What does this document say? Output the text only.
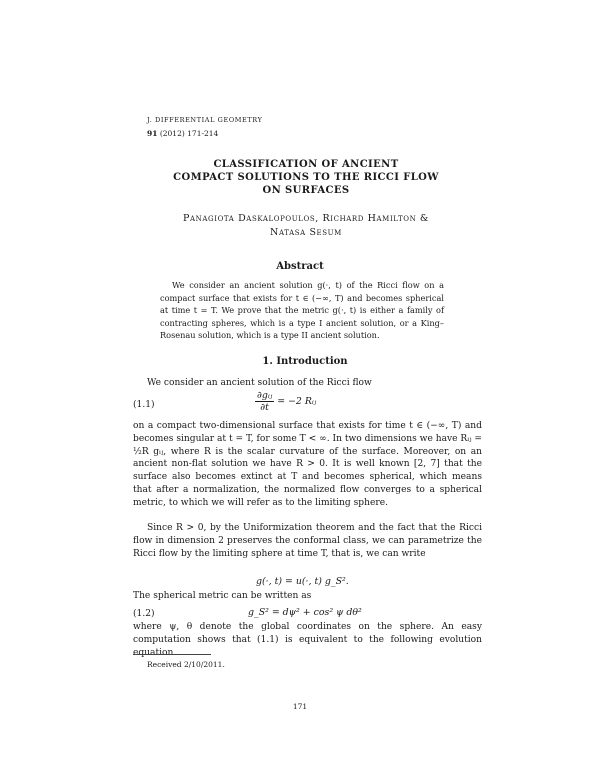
J. DIFFERENTIAL GEOMETRY
91 (2012) 171-214
CLASSIFICATION OF ANCIENT
COMPACT SOLUTIONS TO THE RICCI FLOW
ON SURFACES
Panagiota Daskalopoulos, Richard Hamilton &
Natasa Sesum
Abstract
We consider an ancient solution g(·, t) of the Ricci flow on a compact surface that exists for t ∈ (−∞, T) and becomes spherical at time t = T. We prove that the metric g(·, t) is either a family of contracting spheres, which is a type I ancient solution, or a King–Rosenau solution, which is a type II ancient solution.
1. Introduction
We consider an ancient solution of the Ricci flow
(1.1)	$\frac{\text{∂gᵢⱼ}}{\partial t} = -2$ Rᵢⱼ
on a compact two-dimensional surface that exists for time t ∈ (−∞, T) and becomes singular at t = T, for some T < ∞. In two dimensions we have Rᵢⱼ = ½R gᵢⱼ, where R is the scalar curvature of the surface. Moreover, on an ancient non-flat solution we have R > 0. It is well known [2, 7] that the surface also becomes extinct at T and becomes spherical, which means that after a normalization, the normalized flow converges to a spherical metric, to which we will refer as to the limiting sphere.
Since R > 0, by the Uniformization theorem and the fact that the Ricci flow in dimension 2 preserves the conformal class, we can parametrize the Ricci flow by the limiting sphere at time T, that is, we can write
g(·, t) = u(·, t) g_S².
The spherical metric can be written as
(1.2)	g_S² = dψ² + cos² ψ dθ²
where ψ, θ denote the global coordinates on the sphere. An easy computation shows that (1.1) is equivalent to the following evolution equation
Received 2/10/2011.
171
